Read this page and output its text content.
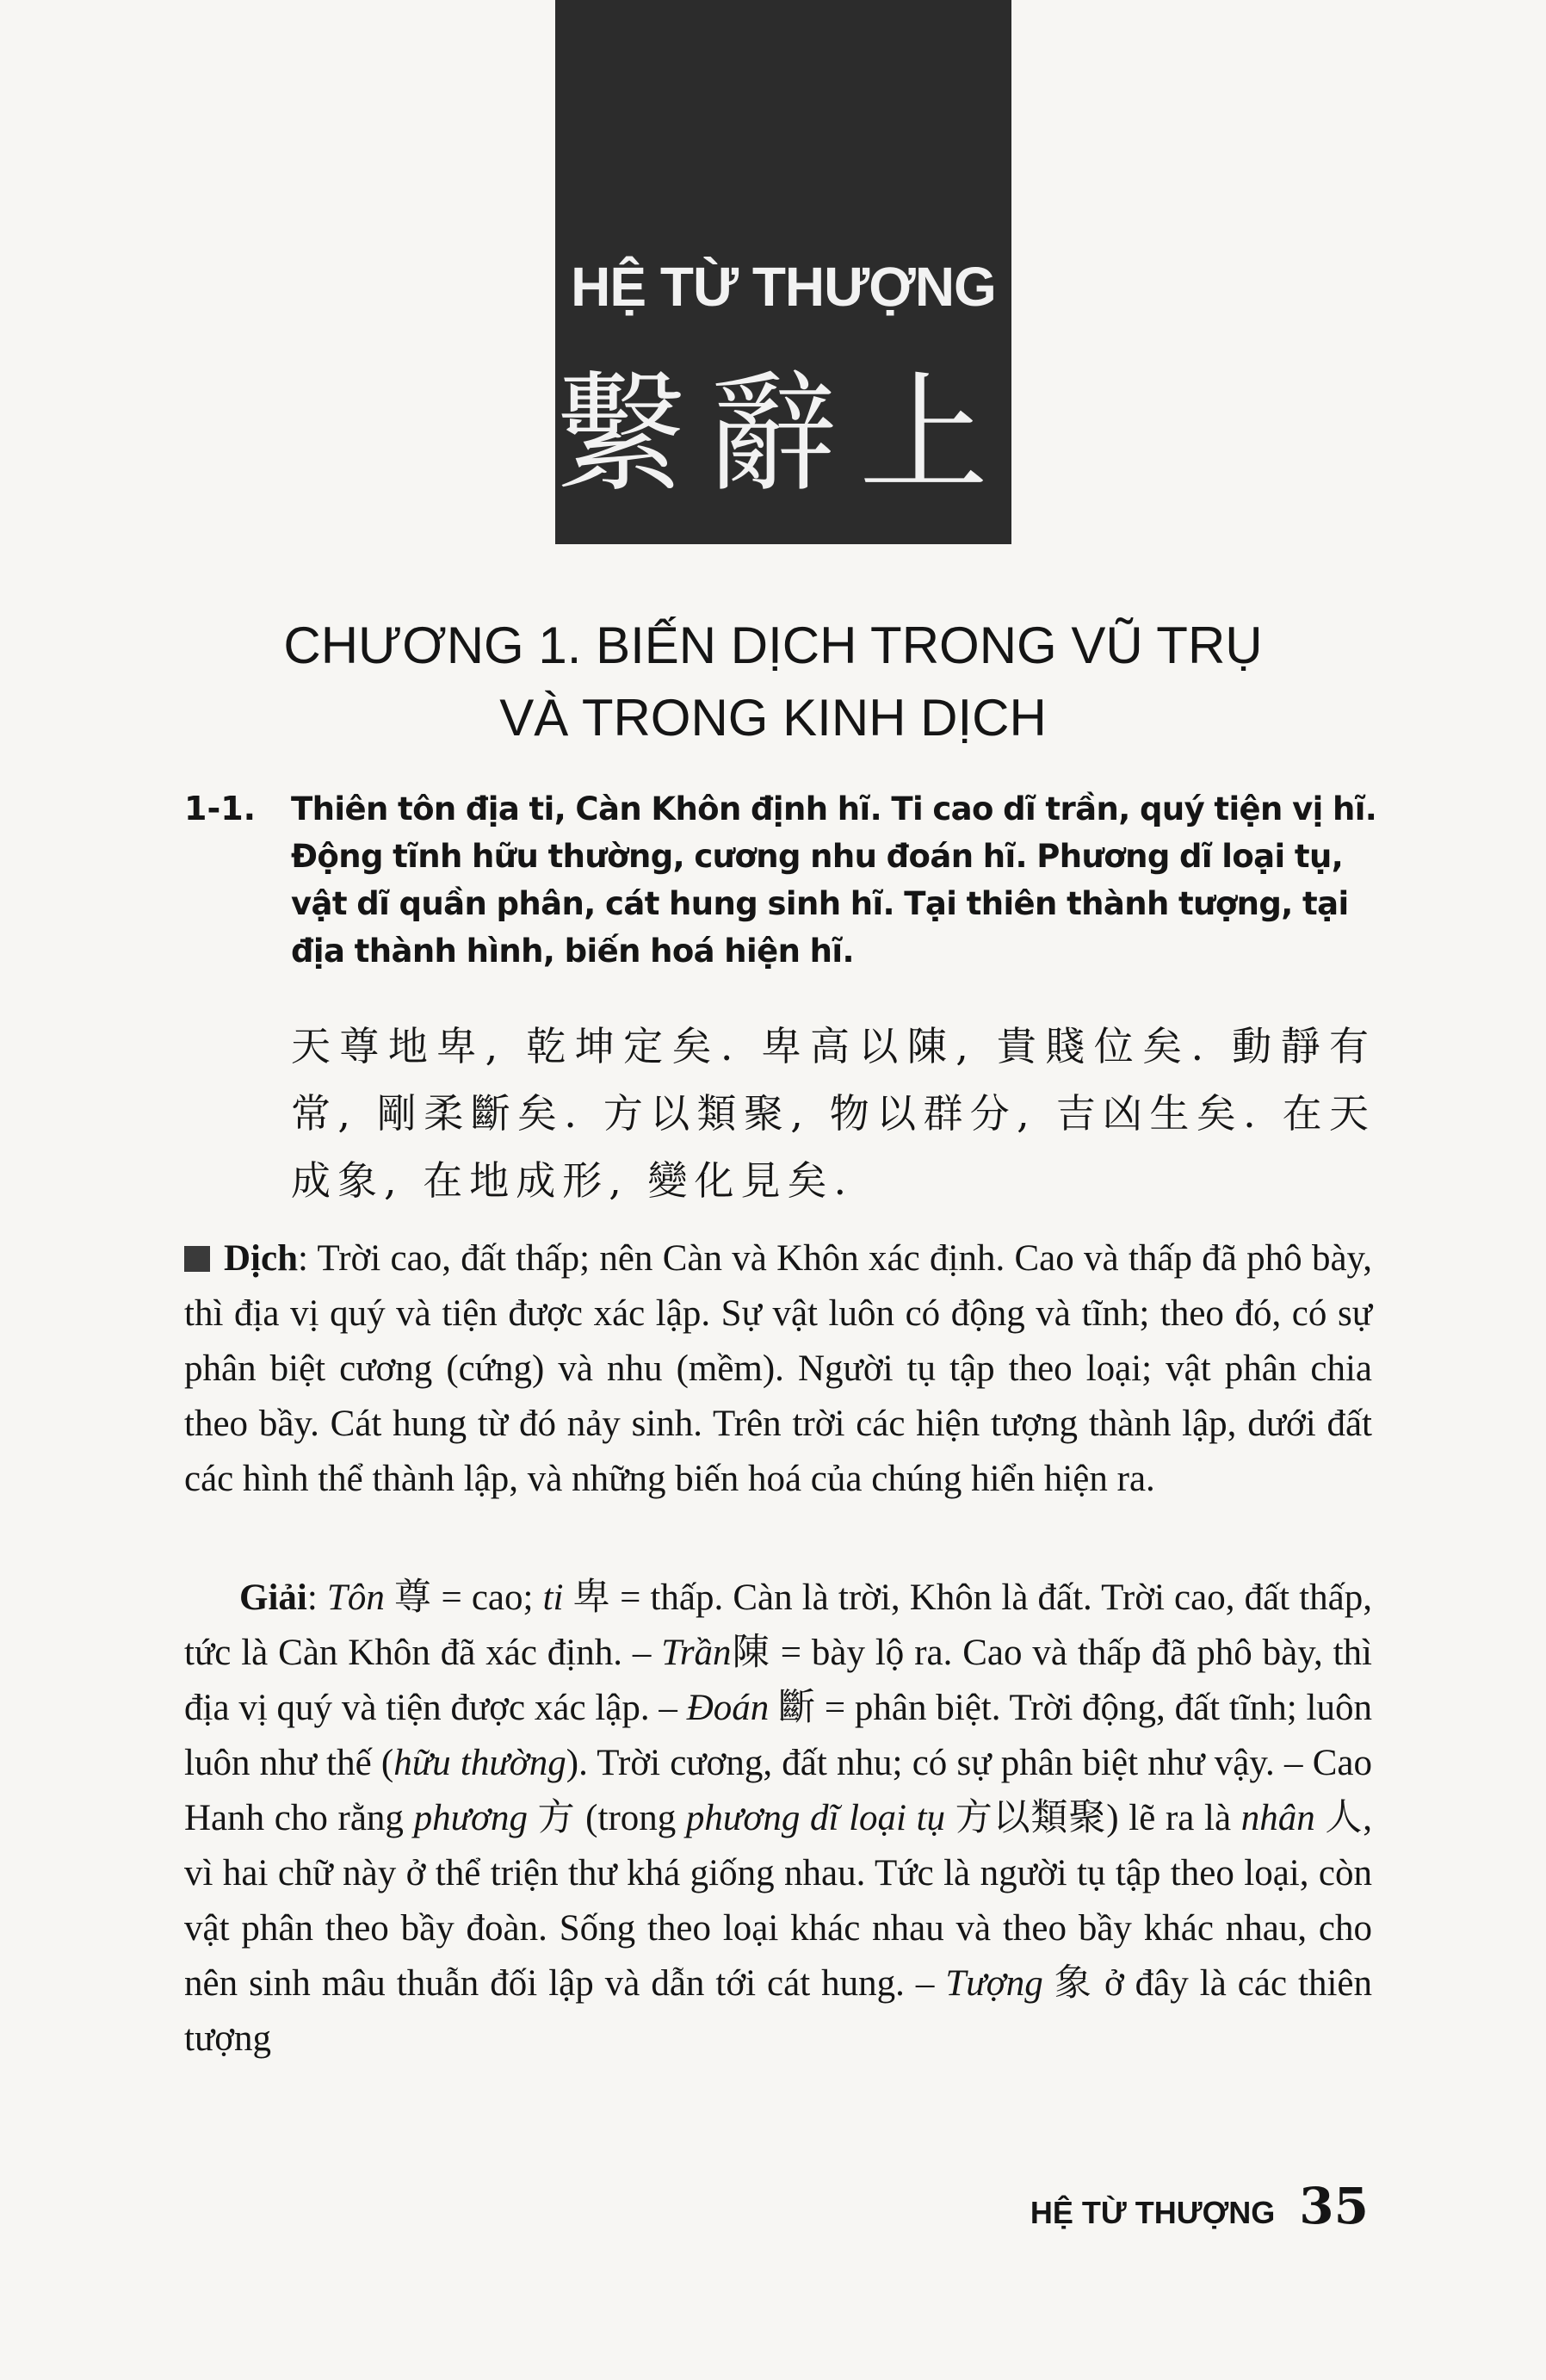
HỆ TỪ THƯỢNG
繫辭上
CHƯƠNG 1. BIẾN DỊCH TRONG VŨ TRỤ
VÀ TRONG KINH DỊCH
1-1. Thiên tôn địa ti, Càn Khôn định hĩ. Ti cao dĩ trần, quý tiện vị hĩ. Động tĩnh hữu thường, cương nhu đoán hĩ. Phương dĩ loại tụ, vật dĩ quần phân, cát hung sinh hĩ. Tại thiên thành tượng, tại địa thành hình, biến hoá hiện hĩ.
天尊地卑, 乾坤定矣. 卑高以陳, 貴賤位矣. 動靜有常, 剛柔斷矣. 方以類聚, 物以群分, 吉凶生矣. 在天成象, 在地成形, 變化見矣.
Dịch: Trời cao, đất thấp; nên Càn và Khôn xác định. Cao và thấp đã phô bày, thì địa vị quý và tiện được xác lập. Sự vật luôn có động và tĩnh; theo đó, có sự phân biệt cương (cứng) và nhu (mềm). Người tụ tập theo loại; vật phân chia theo bầy. Cát hung từ đó nảy sinh. Trên trời các hiện tượng thành lập, dưới đất các hình thể thành lập, và những biến hoá của chúng hiển hiện ra.
Giải: Tôn 尊 = cao; ti 卑 = thấp. Càn là trời, Khôn là đất. Trời cao, đất thấp, tức là Càn Khôn đã xác định. – Trần陳 = bày lộ ra. Cao và thấp đã phô bày, thì địa vị quý và tiện được xác lập. – Đoán 斷 = phân biệt. Trời động, đất tĩnh; luôn luôn như thế (hữu thường). Trời cương, đất nhu; có sự phân biệt như vậy. – Cao Hanh cho rằng phương 方 (trong phương dĩ loại tụ 方以類聚) lẽ ra là nhân 人, vì hai chữ này ở thể triện thư khá giống nhau. Tức là người tụ tập theo loại, còn vật phân theo bầy đoàn. Sống theo loại khác nhau và theo bầy khác nhau, cho nên sinh mâu thuẫn đối lập và dẫn tới cát hung. – Tượng 象 ở đây là các thiên tượng
HỆ TỪ THƯỢNG 35
